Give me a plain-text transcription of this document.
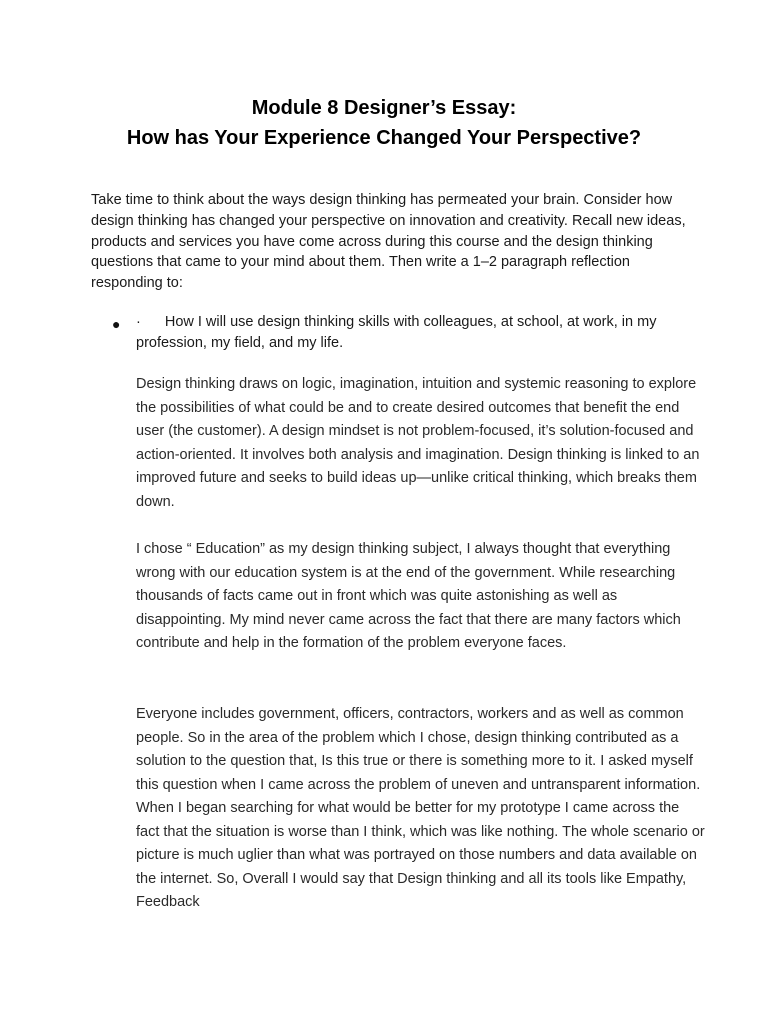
Module 8 Designer’s Essay:
How has Your Experience Changed Your Perspective?

Take time to think about the ways design thinking has permeated your brain. Consider how design thinking has changed your perspective on innovation and creativity. Recall new ideas, products and services you have come across during this course and the design thinking questions that came to your mind about them. Then write a 1–2 paragraph reflection responding to:

● · How I will use design thinking skills with colleagues, at school, at work, in my profession, my field, and my life.

Design thinking draws on logic, imagination, intuition and systemic reasoning to explore the possibilities of what could be and to create desired outcomes that benefit the end user (the customer). A design mindset is not problem-focused, it’s solution-focused and action-oriented. It involves both analysis and imagination. Design thinking is linked to an improved future and seeks to build ideas up—unlike critical thinking, which breaks them down.

I chose “ Education” as my design thinking subject, I always thought that everything wrong with our education system is at the end of the government. While researching thousands of facts came out in front which was quite astonishing as well as disappointing. My mind never came across the fact that there are many factors which contribute and help in the formation of the problem everyone faces.

Everyone includes government, officers, contractors, workers and as well as common people. So in the area of the problem which I chose, design thinking contributed as a solution to the question that, Is this true or there is something more to it. I asked myself this question when I came across the problem of uneven and untransparent information. When I began searching for what would be better for my prototype I came across the fact that the situation is worse than I think, which was like nothing. The whole scenario or picture is much uglier than what was portrayed on those numbers and data available on the internet. So, Overall I would say that Design thinking and all its tools like Empathy, Feedback
